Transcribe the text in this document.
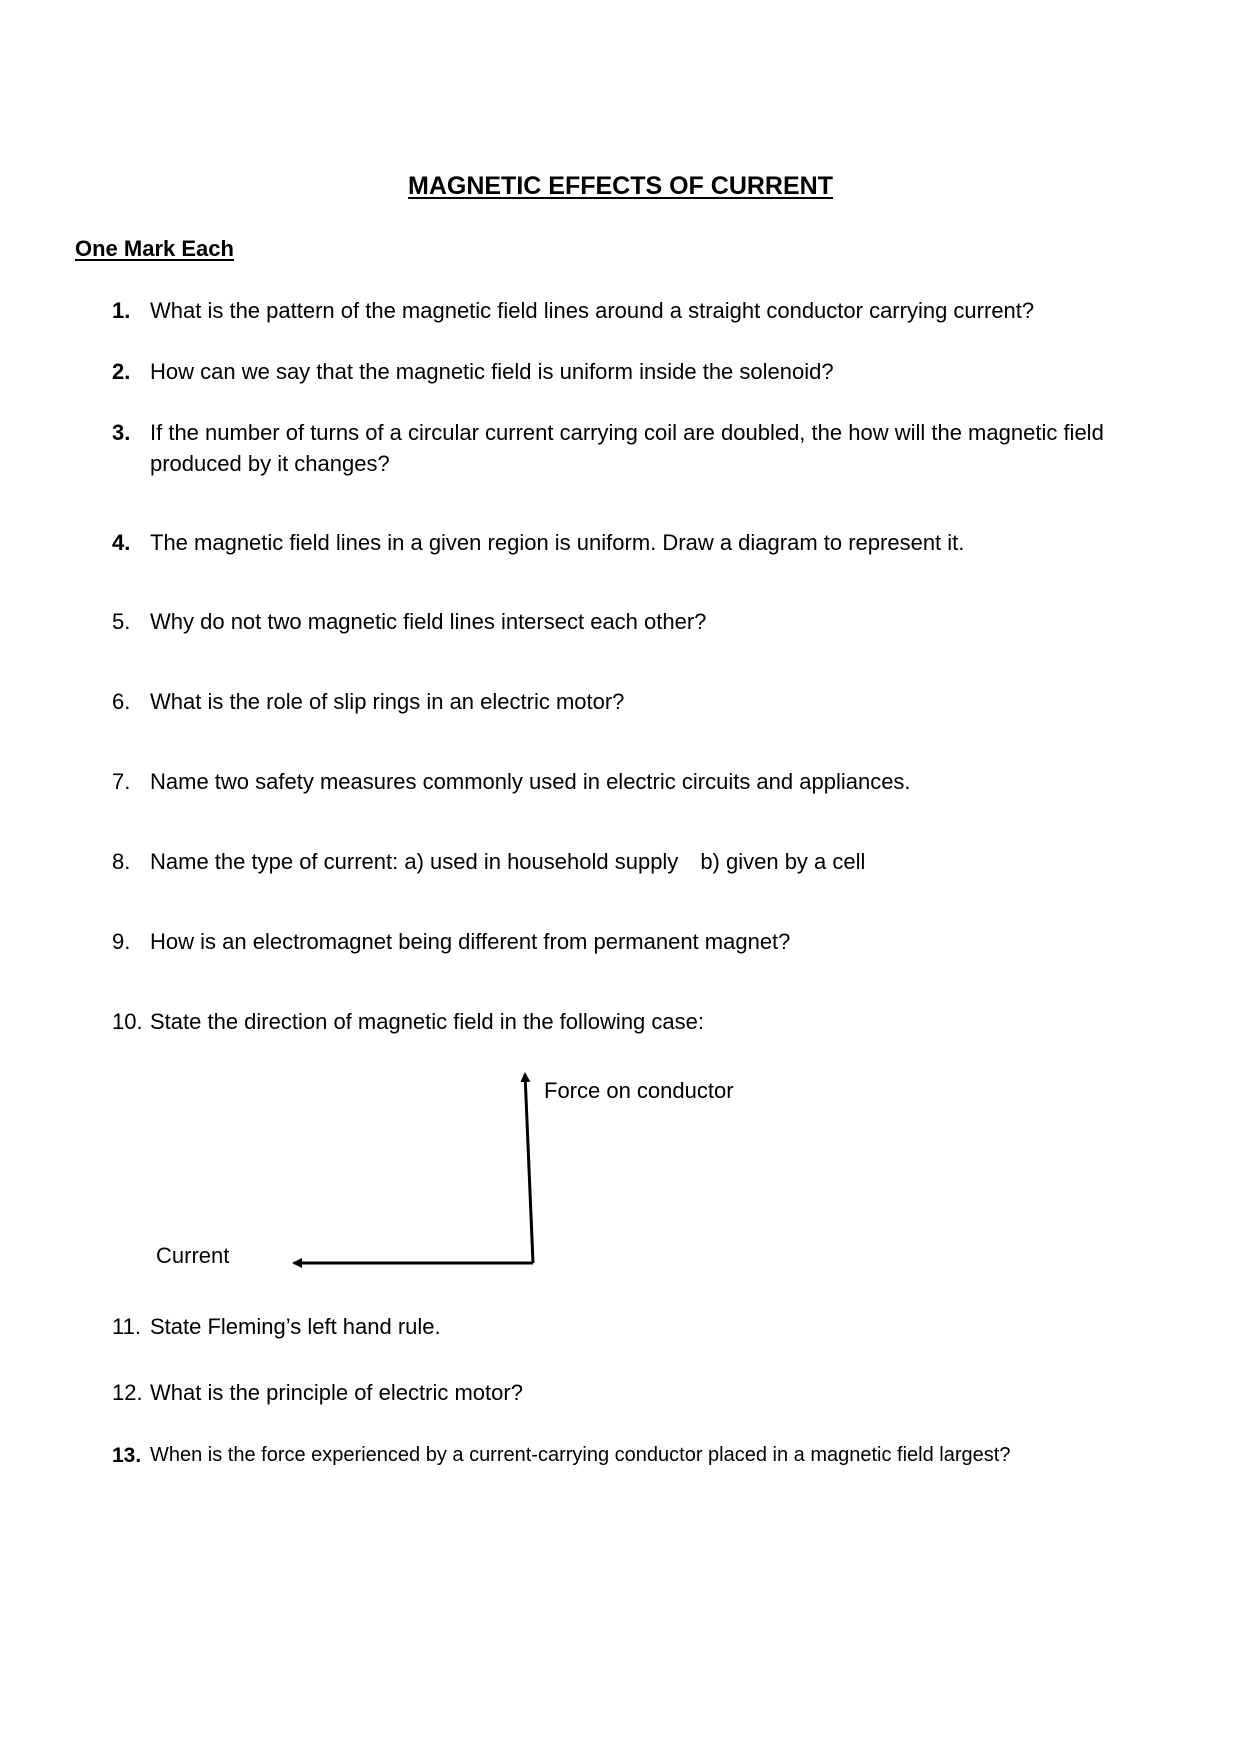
MAGNETIC EFFECTS OF CURRENT
One Mark Each
1. What is the pattern of the magnetic field lines around a straight conductor carrying current?
2. How can we say that the magnetic field is uniform inside the solenoid?
3. If the number of turns of a circular current carrying coil are doubled, the how will the magnetic field produced by it changes?
4. The magnetic field lines in a given region is uniform. Draw a diagram to represent it.
5. Why do not two magnetic field lines intersect each other?
6. What is the role of slip rings in an electric motor?
7. Name two safety measures commonly used in electric circuits and appliances.
8. Name the type of current: a) used in household supply b) given by a cell
9. How is an electromagnet being different from permanent magnet?
10. State the direction of magnetic field in the following case:
Force on conductor
Current
11. State Fleming’s left hand rule.
12. What is the principle of electric motor?
13. When is the force experienced by a current-carrying conductor placed in a magnetic field largest?
